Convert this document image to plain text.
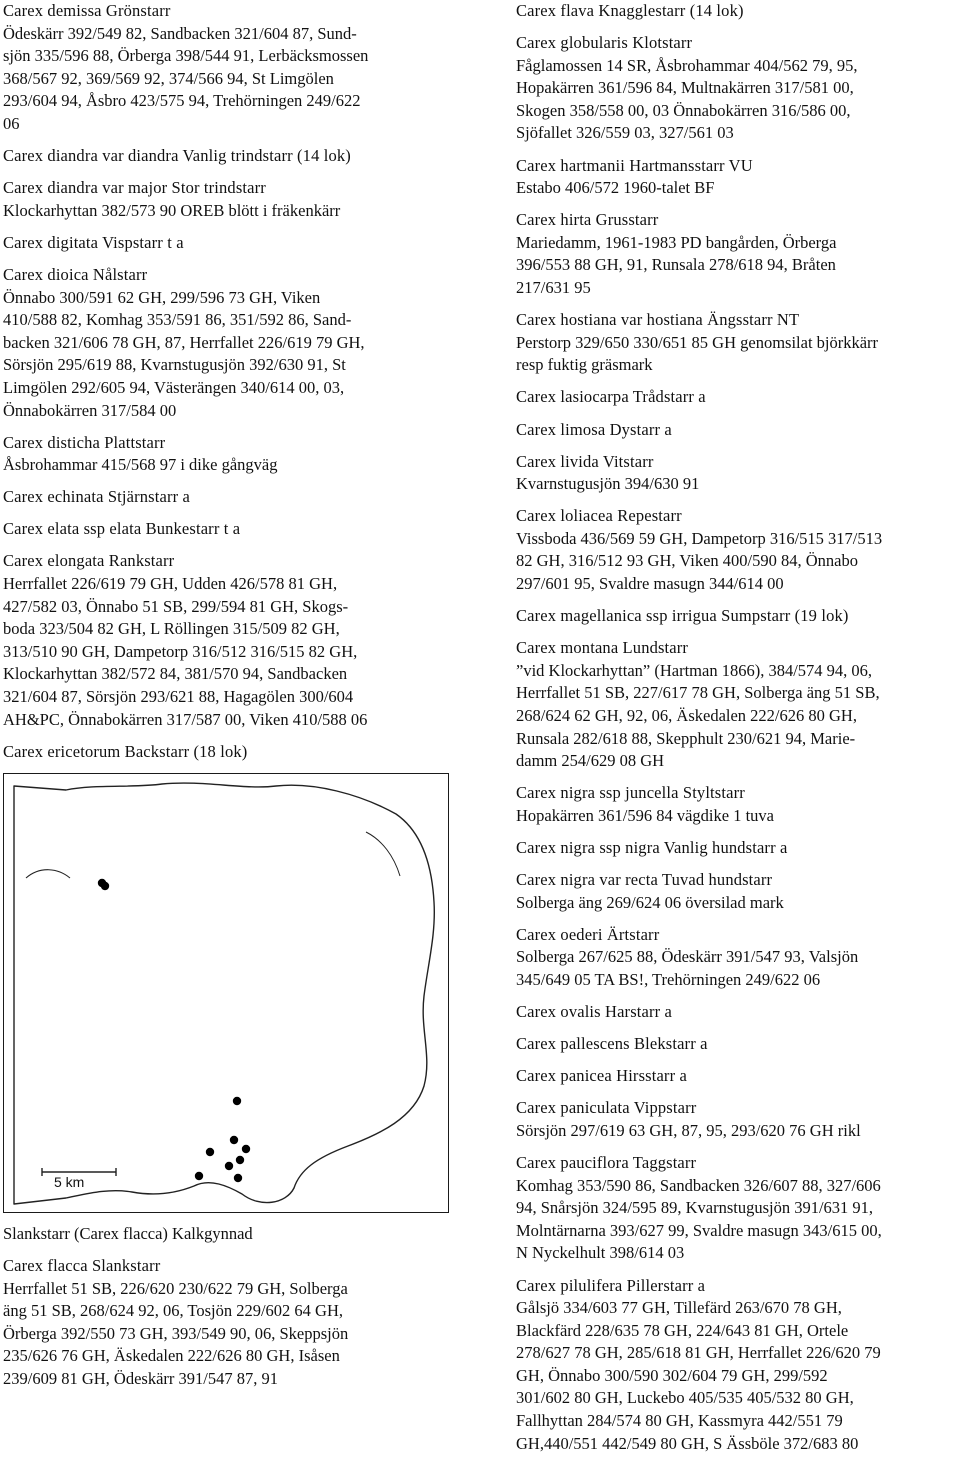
Carex demissa Grönstarr
Ödeskärr 392/549 82, Sandbacken 321/604 87, Sund-
sjön 335/596 88, Örberga 398/544 91, Lerbäcksmossen
368/567 92, 369/569 92, 374/566 94, St Limgölen
293/604 94, Åsbro 423/575 94, Trehörningen 249/622
06
Carex diandra var diandra Vanlig trindstarr (14 lok)
Carex diandra var major Stor trindstarr
Klockarhyttan 382/573 90 OREB blött i fräkenkärr
Carex digitata Vispstarr t a
Carex dioica Nålstarr
Önnabo 300/591 62 GH, 299/596 73 GH, Viken
410/588 82, Komhag 353/591 86, 351/592 86, Sand-
backen 321/606 78 GH, 87, Herrfallet 226/619 79 GH,
Sörsjön 295/619 88, Kvarnstugusjön 392/630 91, St
Limgölen 292/605 94, Västerängen 340/614 00, 03,
Önnabokärren 317/584 00
Carex disticha Plattstarr
Åsbrohammar 415/568 97 i dike gångväg
Carex echinata Stjärnstarr a
Carex elata ssp elata Bunkestarr t a
Carex elongata Rankstarr
Herrfallet 226/619 79 GH, Udden 426/578 81 GH,
427/582 03, Önnabo 51 SB, 299/594 81 GH, Skogs-
boda 323/504 82 GH, L Röllingen 315/509 82 GH,
313/510 90 GH, Dampetorp 316/512 316/515 82 GH,
Klockarhyttan 382/572 84, 381/570 94, Sandbacken
321/604 87, Sörsjön 293/621 88, Hagagölen 300/604
AH&PC, Önnabokärren 317/587 00, Viken 410/588 06
Carex ericetorum Backstarr (18 lok)
5 km
Slankstarr (Carex flacca) Kalkgynnad
Carex flacca Slankstarr
Herrfallet 51 SB, 226/620 230/622 79 GH, Solberga
äng 51 SB, 268/624 92, 06, Tosjön 229/602 64 GH,
Örberga 392/550 73 GH, 393/549 90, 06, Skeppsjön
235/626 76 GH, Äskedalen 222/626 80 GH, Isåsen
239/609 81 GH, Ödeskärr 391/547 87, 91
Carex flava Knagglestarr (14 lok)
Carex globularis Klotstarr
Fåglamossen 14 SR, Åsbrohammar 404/562 79, 95,
Hopakärren 361/596 84, Multnakärren 317/581 00,
Skogen 358/558 00, 03 Önnabokärren 316/586 00,
Sjöfallet 326/559 03, 327/561 03
Carex hartmanii Hartmansstarr VU
Estabo 406/572 1960-talet BF
Carex hirta Grusstarr
Mariedamm, 1961-1983 PD bangården, Örberga
396/553 88 GH, 91, Runsala 278/618 94, Bråten
217/631 95
Carex hostiana var hostiana Ängsstarr NT
Perstorp 329/650 330/651 85 GH genomsilat björkkärr
resp fuktig gräsmark
Carex lasiocarpa Trådstarr a
Carex limosa Dystarr a
Carex livida Vitstarr
Kvarnstugusjön 394/630 91
Carex loliacea Repestarr
Vissboda 436/569 59 GH, Dampetorp 316/515 317/513
82 GH, 316/512 93 GH, Viken 400/590 84, Önnabo
297/601 95, Svaldre masugn 344/614 00
Carex magellanica ssp irrigua Sumpstarr (19 lok)
Carex montana Lundstarr
”vid Klockarhyttan” (Hartman 1866), 384/574 94, 06,
Herrfallet 51 SB, 227/617 78 GH, Solberga äng 51 SB,
268/624 62 GH, 92, 06, Äskedalen 222/626 80 GH,
Runsala 282/618 88, Skepphult 230/621 94, Marie-
damm 254/629 08 GH
Carex nigra ssp juncella Styltstarr
Hopakärren 361/596 84 vägdike 1 tuva
Carex nigra ssp nigra Vanlig hundstarr a
Carex nigra var recta Tuvad hundstarr
Solberga äng 269/624 06 översilad mark
Carex oederi Ärtstarr
Solberga 267/625 88, Ödeskärr 391/547 93, Valsjön
345/649 05 TA BS!, Trehörningen 249/622 06
Carex ovalis Harstarr a
Carex pallescens Blekstarr a
Carex panicea Hirsstarr a
Carex paniculata Vippstarr
Sörsjön 297/619 63 GH, 87, 95, 293/620 76 GH rikl
Carex pauciflora Taggstarr
Komhag 353/590 86, Sandbacken 326/607 88, 327/606
94, Snårsjön 324/595 89, Kvarnstugusjön 391/631 91,
Molntärnarna 393/627 99, Svaldre masugn 343/615 00,
N Nyckelhult 398/614 03
Carex pilulifera Pillerstarr a
Gålsjö 334/603 77 GH, Tillefärd 263/670 78 GH,
Blackfärd 228/635 78 GH, 224/643 81 GH, Ortele
278/627 78 GH, 285/618 81 GH, Herrfallet 226/620 79
GH, Önnabo 300/590 302/604 79 GH, 299/592
301/602 80 GH, Luckebo 405/535 405/532 80 GH,
Fallhyttan 284/574 80 GH, Kassmyra 442/551 79
GH,440/551 442/549 80 GH, S Ässböle 372/683 80
